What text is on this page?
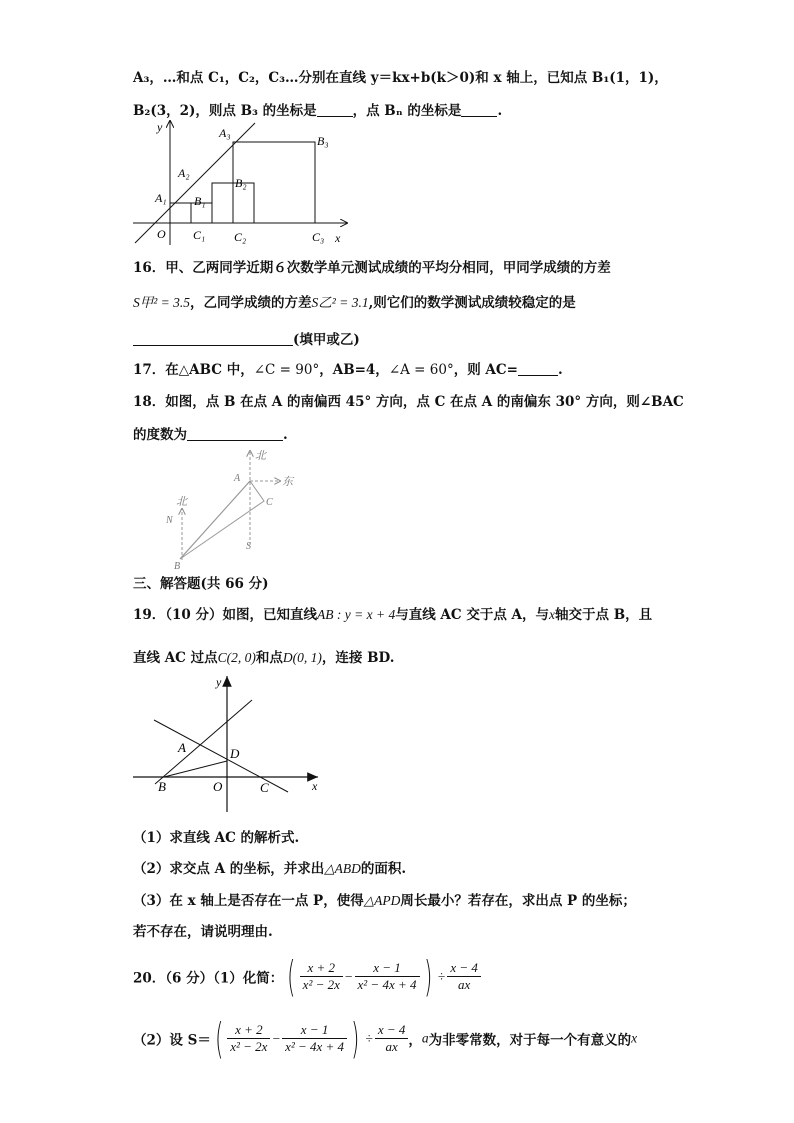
A₃，…和点 C₁，C₂，C₃…分别在直线 y＝kx+b(k＞0)和 x 轴上，已知点 B₁(1，1)，
B₂(3，2)，则点 B₃ 的坐标是	，点 Bₙ 的坐标是	.
y	A₃
B₃
A₂
B₂
A₁ B₁
O C₁ C₂	C₃ x
16．甲、乙两同学近期６次数学单元测试成绩的平均分相同，甲同学成绩的方差
S甲² = 3.5，乙同学成绩的方差S乙² = 3.1,则它们的数学测试成绩较稳定的是
(填甲或乙)
17．在△ABC 中，∠C = 90°，AB=4，∠A = 60°，则 AC=	.
18．如图，点 B 在点 A 的南偏西 45° 方向，点 C 在点 A 的南偏东 30° 方向，则∠BAC
的度数为	.
北
A	东
北
N
C
S
B
三、解答题(共 66 分)
19．（10 分）如图，已知直线AB : y = x + 4与直线 AC 交于点 A，与x轴交于点 B，且
直线 AC 过点C(2, 0)和点D(0, 1)，连接 BD.
y
A	D
B	O	C	x
（1）求直线 AC 的解析式.
（2）求交点 A 的坐标，并求出△ABD的面积.
（3）在 x 轴上是否存在一点 P，使得△APD周长最小？若存在，求出点 P 的坐标；
若不存在，请说明理由.
20．（6 分）（1）化简：( $\frac{x + 2}{\text{x² − 2x}} - \frac{x - 1}{\text{x² − 4x + 4}}$ ) ÷ $\frac{x - 4}{ax}$
（2）设 $S=( \frac{x + 2}{\text{x² − 2x}} - \frac{x - 1}{\text{x² − 4x + 4}}$ ) ÷ $\frac{x - 4}{ax}$ ，a为非零常数，对于每一个有意义的x
